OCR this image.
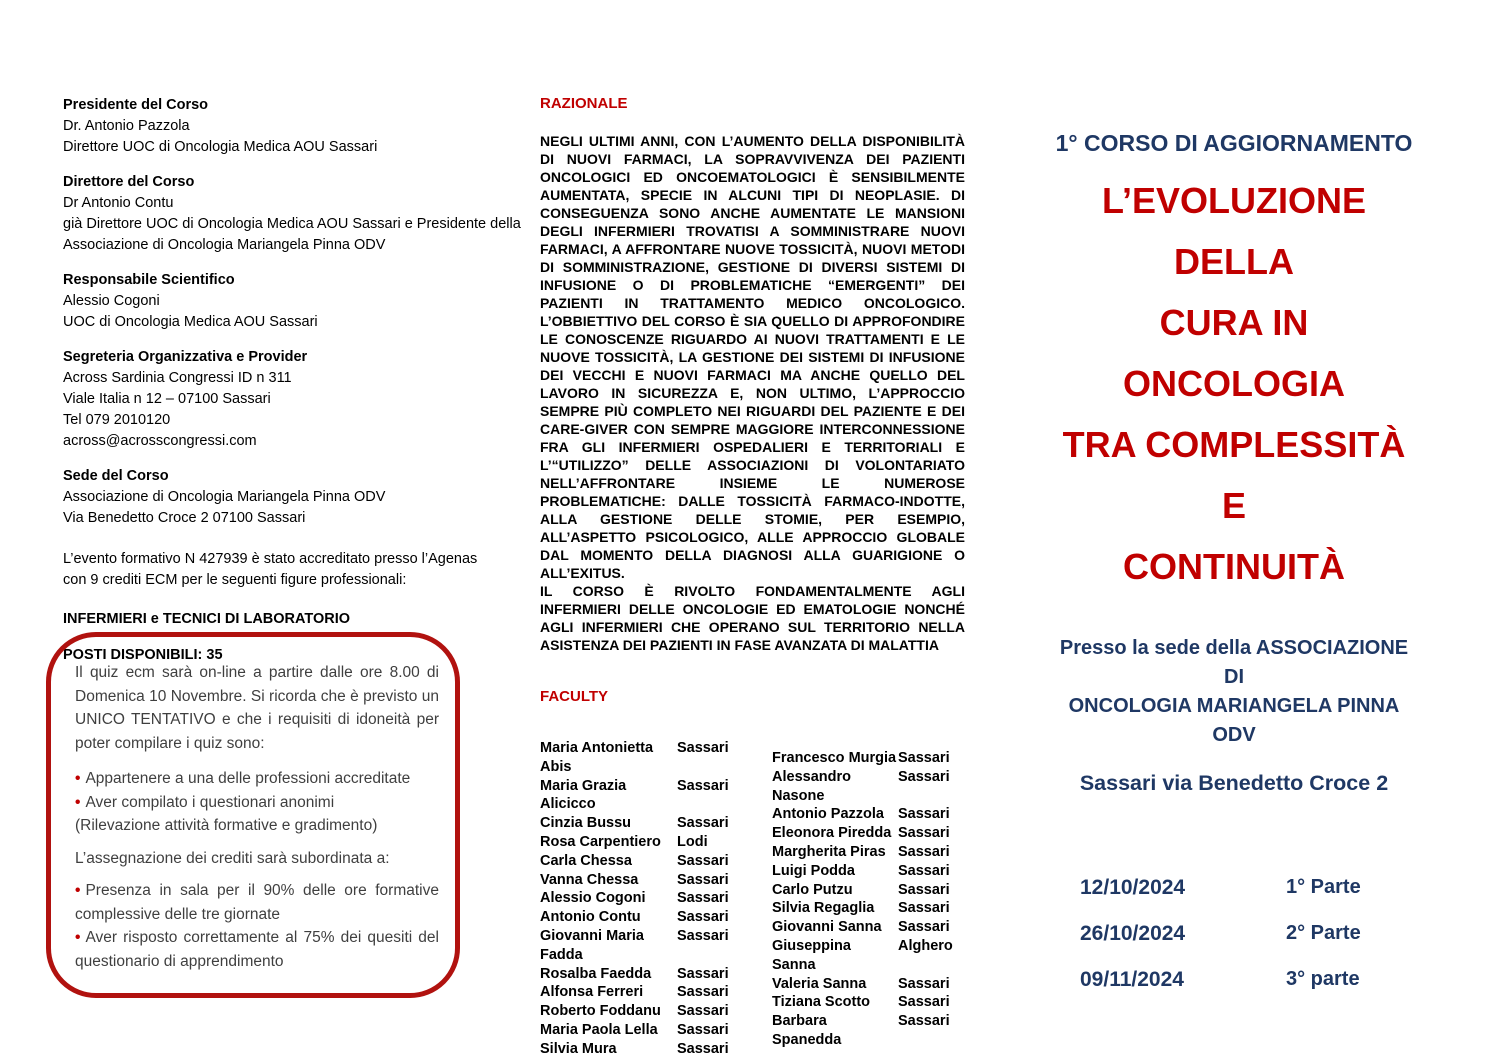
Presidente del Corso
Dr. Antonio Pazzola
Direttore UOC di Oncologia Medica AOU Sassari
Direttore del Corso
Dr Antonio Contu
già Direttore UOC di Oncologia Medica AOU Sassari e Presidente della
Associazione di Oncologia Mariangela Pinna ODV
Responsabile Scientifico
Alessio Cogoni
UOC di Oncologia Medica AOU Sassari
Segreteria Organizzativa e Provider
Across Sardinia Congressi ID n 311
Viale Italia n 12 – 07100 Sassari
Tel 079 2010120
across@acrosscongressi.com
Sede del Corso
Associazione di Oncologia Mariangela Pinna ODV
Via Benedetto Croce 2 07100 Sassari
L’evento formativo N 427939 è stato accreditato presso l’Agenas
con 9 crediti ECM per le seguenti figure professionali:
INFERMIERI e TECNICI DI LABORATORIO
POSTI DISPONIBILI: 35
Il quiz ecm sarà on-line a partire dalle ore 8.00 di Domenica 10 Novembre. Si ricorda che è previsto un UNICO TENTATIVO e che i requisiti di idoneità per poter compilare i quiz sono:
• Appartenere a una delle professioni accreditate
• Aver compilato i questionari anonimi
(Rilevazione attività formative e gradimento)
L’assegnazione dei crediti sarà subordinata a:
• Presenza in sala per il 90% delle ore formative complessive delle tre giornate
• Aver risposto correttamente al 75% dei quesiti del questionario di apprendimento
RAZIONALE

NEGLI ULTIMI ANNI, CON L’AUMENTO DELLA DISPONIBILITÀ DI NUOVI FARMACI, LA SOPRAVVIVENZA DEI PAZIENTI ONCOLOGICI ED ONCOEMATOLOGICI È SENSIBILMENTE AUMENTATA, SPECIE IN ALCUNI TIPI DI NEOPLASIE. DI CONSEGUENZA SONO ANCHE AUMENTATE LE MANSIONI DEGLI INFERMIERI TROVATISI A SOMMINISTRARE NUOVI FARMACI, A AFFRONTARE NUOVE TOSSICITÀ, NUOVI METODI DI SOMMINISTRAZIONE, GESTIONE DI DIVERSI SISTEMI DI INFUSIONE O DI PROBLEMATICHE “EMERGENTI” DEI PAZIENTI IN TRATTAMENTO MEDICO ONCOLOGICO. L’OBBIETTIVO DEL CORSO È SIA QUELLO DI APPROFONDIRE LE CONOSCENZE RIGUARDO AI NUOVI TRATTAMENTI E LE NUOVE TOSSICITÀ, LA GESTIONE DEI SISTEMI DI INFUSIONE DEI VECCHI E NUOVI FARMACI MA ANCHE QUELLO DEL LAVORO IN SICUREZZA E, NON ULTIMO, L’APPROCCIO SEMPRE PIÙ COMPLETO NEI RIGUARDI DEL PAZIENTE E DEI CARE-GIVER CON SEMPRE MAGGIORE INTERCONNESSIONE FRA GLI INFERMIERI OSPEDALIERI E TERRITORIALI E L’“UTILIZZO” DELLE ASSOCIAZIONI DI VOLONTARIATO NELL’AFFRONTARE INSIEME LE NUMEROSE PROBLEMATICHE: DALLE TOSSICITÀ FARMACO-INDOTTE, ALLA GESTIONE DELLE STOMIE, PER ESEMPIO, ALL’ASPETTO PSICOLOGICO, ALLE APPROCCIO GLOBALE DAL MOMENTO DELLA DIAGNOSI ALLA GUARIGIONE O ALL’EXITUS.

IL CORSO È RIVOLTO FONDAMENTALMENTE AGLI INFERMIERI DELLE ONCOLOGIE ED EMATOLOGIE NONCHÉ AGLI INFERMIERI CHE OPERANO SUL TERRITORIO NELLA ASISTENZA DEI PAZIENTI IN FASE AVANZATA DI MALATTIA

FACULTY
Maria Antonietta Abis
Sassari
Maria Grazia Alicicco
Sassari
Cinzia Bussu	Sassari
Rosa Carpentiero	Lodi
Carla Chessa	Sassari
Vanna Chessa	Sassari
Alessio Cogoni	Sassari
Antonio Contu	Sassari
Giovanni Maria Fadda
Sassari
Rosalba Faedda	Sassari
Alfonsa Ferreri	Sassari
Roberto Foddanu	Sassari
Maria Paola Lella	Sassari
Silvia Mura	Sassari
Francesco Murgia Sassari
Alessandro Nasone
Sassari
Antonio Pazzola Sassari
Eleonora Piredda Sassari
Margherita Piras Sassari
Luigi Podda	Sassari
Carlo Putzu	Sassari
Silvia Regaglia	Sassari
Giovanni Sanna	Sassari
Giuseppina Sanna
Alghero
Valeria Sanna	Sassari
Tiziana Scotto	Sassari
Barbara Spanedda
Sassari
1° CORSO DI AGGIORNAMENTO
L’EVOLUZIONE DELLA
CURA IN ONCOLOGIA
TRA COMPLESSITÀ E
CONTINUITÀ
Presso la sede della ASSOCIAZIONE DI
ONCOLOGIA MARIANGELA PINNA ODV
Sassari via Benedetto Croce 2
12/10/2024	1° Parte
26/10/2024	2° Parte
09/11/2024	3° parte
